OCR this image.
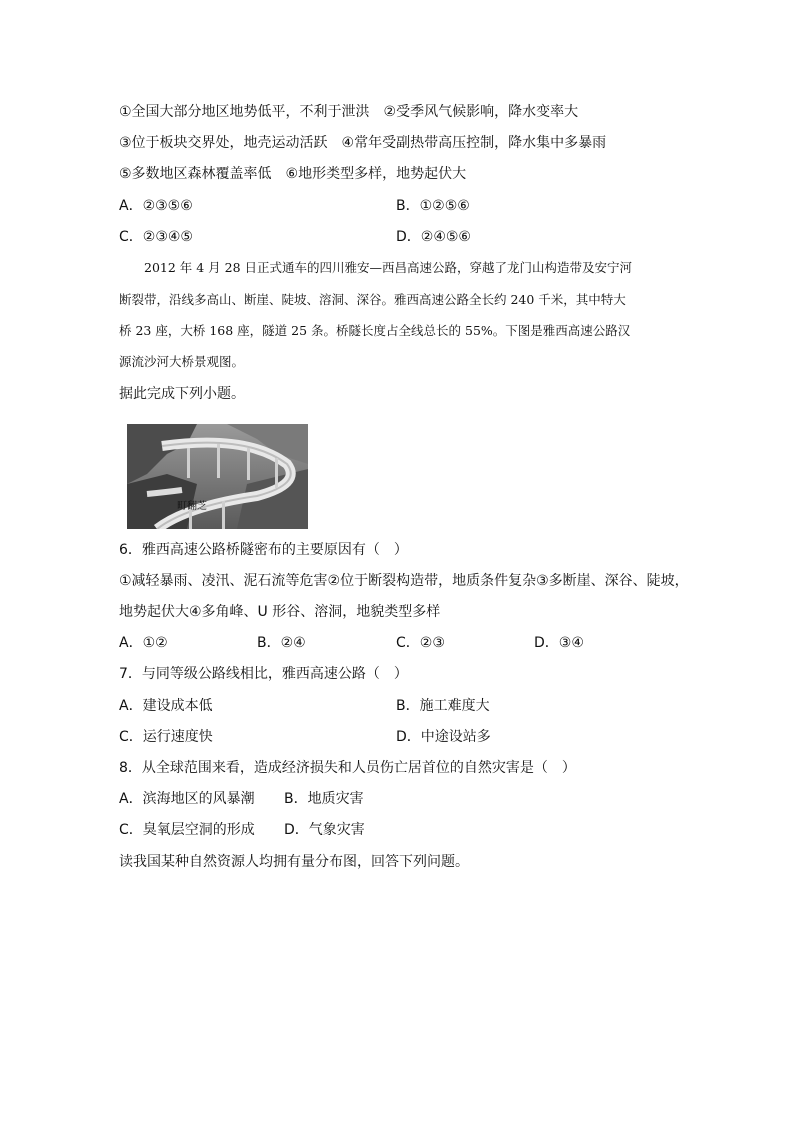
①全国大部分地区地势低平，不利于泄洪　②受季风气候影响，降水变率大
③位于板块交界处，地壳运动活跃　④常年受副热带高压控制，降水集中多暴雨
⑤多数地区森林覆盖率低　⑥地形类型多样，地势起伏大
A．②③⑤⑥	B．①②⑤⑥
C．②③④⑤	D．②④⑤⑥
　　2012 年 4 月 28 日正式通车的四川雅安—西昌高速公路，穿越了龙门山构造带及安宁河
断裂带，沿线多高山、断崖、陡坡、溶洞、深谷。雅西高速公路全长约 240 千米，其中特大
桥 23 座，大桥 168 座，隧道 25 条。桥隧长度占全线总长的 55%。下图是雅西高速公路汉
源流沙河大桥景观图。
据此完成下列小题。
町翻芝
6．雅西高速公路桥隧密布的主要原因有（　）
①减轻暴雨、凌汛、泥石流等危害②位于断裂构造带，地质条件复杂③多断崖、深谷、陡坡，
地势起伏大④多角峰、U 形谷、溶洞，地貌类型多样
A．①②	B．②④	C．②③	D．③④
7．与同等级公路线相比，雅西高速公路（　）
A．建设成本低	B．施工难度大
C．运行速度快	D．中途设站多
8．从全球范围来看，造成经济损失和人员伤亡居首位的自然灾害是（　）
A．滨海地区的风暴潮 B．地质灾害
C．臭氧层空洞的形成 D．气象灾害
读我国某种自然资源人均拥有量分布图，回答下列问题。
